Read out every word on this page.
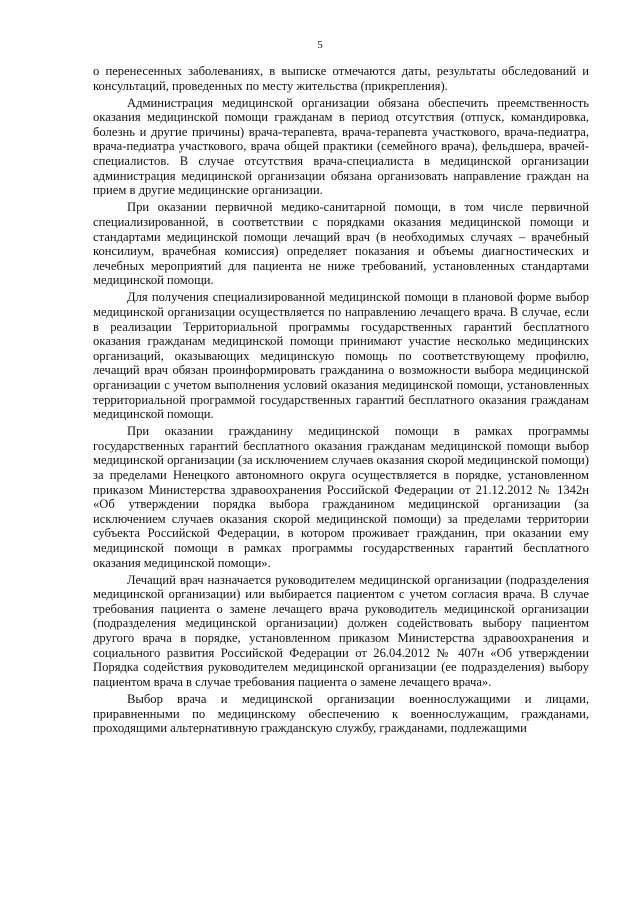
5

о перенесенных заболеваниях, в выписке отмечаются даты, результаты обследований и консультаций, проведенных по месту жительства (прикрепления).

Администрация медицинской организации обязана обеспечить преемственность оказания медицинской помощи гражданам в период отсутствия (отпуск, командировка, болезнь и другие причины) врача-терапевта, врача-терапевта участкового, врача-педиатра, врача-педиатра участкового, врача общей практики (семейного врача), фельдшера, врачей-специалистов. В случае отсутствия врача-специалиста в медицинской организации администрация медицинской организации обязана организовать направление граждан на прием в другие медицинские организации.

При оказании первичной медико-санитарной помощи, в том числе первичной специализированной, в соответствии с порядками оказания медицинской помощи и стандартами медицинской помощи лечащий врач (в необходимых случаях – врачебный консилиум, врачебная комиссия) определяет показания и объемы диагностических и лечебных мероприятий для пациента не ниже требований, установленных стандартами медицинской помощи.

Для получения специализированной медицинской помощи в плановой форме выбор медицинской организации осуществляется по направлению лечащего врача. В случае, если в реализации Территориальной программы государственных гарантий бесплатного оказания гражданам медицинской помощи принимают участие несколько медицинских организаций, оказывающих медицинскую помощь по соответствующему профилю, лечащий врач обязан проинформировать гражданина о возможности выбора медицинской организации с учетом выполнения условий оказания медицинской помощи, установленных территориальной программой государственных гарантий бесплатного оказания гражданам медицинской помощи.

При оказании гражданину медицинской помощи в рамках программы государственных гарантий бесплатного оказания гражданам медицинской помощи выбор медицинской организации (за исключением случаев оказания скорой медицинской помощи) за пределами Ненецкого автономного округа осуществляется в порядке, установленном приказом Министерства здравоохранения Российской Федерации от 21.12.2012 № 1342н «Об утверждении порядка выбора гражданином медицинской организации (за исключением случаев оказания скорой медицинской помощи) за пределами территории субъекта Российской Федерации, в котором проживает гражданин, при оказании ему медицинской помощи в рамках программы государственных гарантий бесплатного оказания медицинской помощи».

Лечащий врач назначается руководителем медицинской организации (подразделения медицинской организации) или выбирается пациентом с учетом согласия врача. В случае требования пациента о замене лечащего врача руководитель медицинской организации (подразделения медицинской организации) должен содействовать выбору пациентом другого врача в порядке, установленном приказом Министерства здравоохранения и социального развития Российской Федерации от 26.04.2012 № 407н «Об утверждении Порядка содействия руководителем медицинской организации (ее подразделения) выбору пациентом врача в случае требования пациента о замене лечащего врача».

Выбор врача и медицинской организации военнослужащими и лицами, приравненными по медицинскому обеспечению к военнослужащим, гражданами, проходящими альтернативную гражданскую службу, гражданами, подлежащими
